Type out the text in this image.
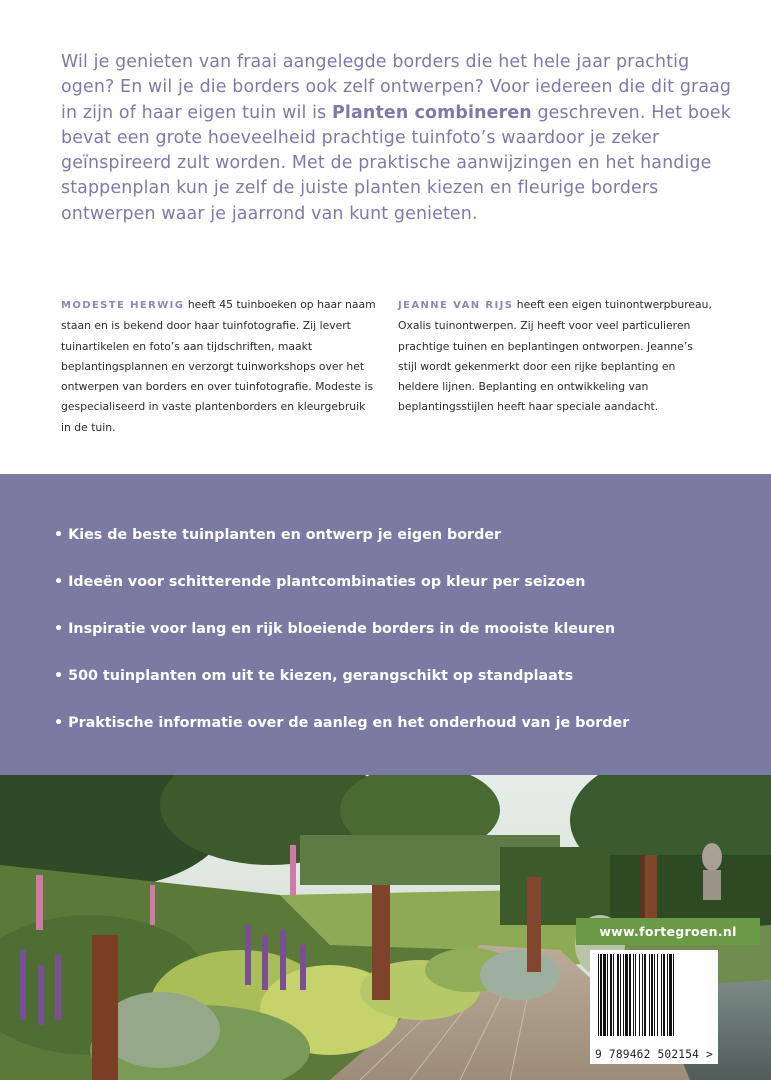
Wil je genieten van fraai aangelegde borders die het hele jaar prachtig ogen? En wil je die borders ook zelf ontwerpen? Voor iedereen die dit graag in zijn of haar eigen tuin wil is Planten combineren geschreven. Het boek bevat een grote hoeveelheid prachtige tuinfoto’s waardoor je zeker geïnspireerd zult worden. Met de praktische aanwijzingen en het handige stappenplan kun je zelf de juiste planten kiezen en fleurige borders ontwerpen waar je jaarrond van kunt genieten.

MODESTE HERWIG heeft 45 tuinboeken op haar naam staan en is bekend door haar tuinfotografie. Zij levert tuinartikelen en foto’s aan tijdschriften, maakt beplantingsplannen en verzorgt tuinworkshops over het ontwerpen van borders en over tuinfotografie. Modeste is gespecialiseerd in vaste plantenborders en kleurgebruik in de tuin.

JEANNE VAN RIJS heeft een eigen tuinontwerpbureau, Oxalis tuinontwerpen. Zij heeft voor veel particulieren prachtige tuinen en beplantingen ontworpen. Jeanne’s stijl wordt gekenmerkt door een rijke beplanting en heldere lijnen. Beplanting en ontwikkeling van beplantingsstijlen heeft haar speciale aandacht.

• Kies de beste tuinplanten en ontwerp je eigen border
• Ideeën voor schitterende plantcombinaties op kleur per seizoen
• Inspiratie voor lang en rijk bloeiende borders in de mooiste kleuren
• 500 tuinplanten om uit te kiezen, gerangschikt op standplaats
• Praktische informatie over de aanleg en het onderhoud van je border
www.fortegroen.nl
9 789462 502154 >
